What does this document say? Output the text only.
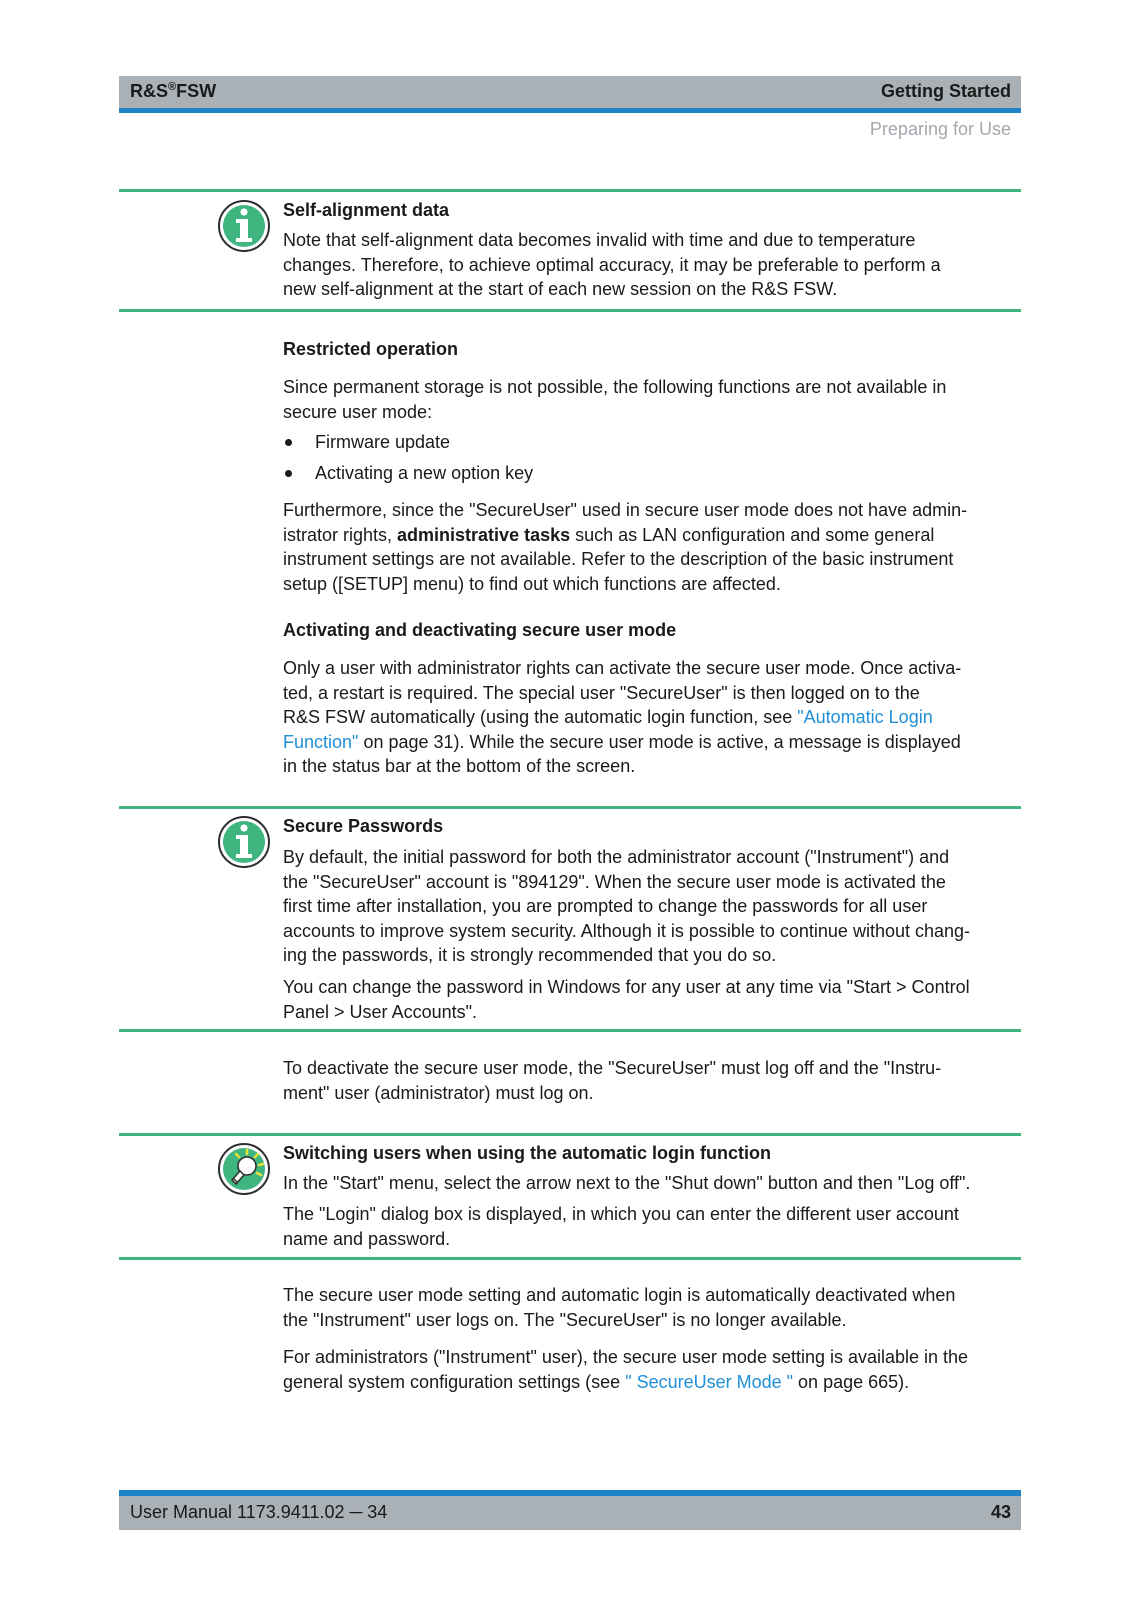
R&S®FSW	Getting Started
Preparing for Use
Self-alignment data
Note that self-alignment data becomes invalid with time and due to temperature
changes. Therefore, to achieve optimal accuracy, it may be preferable to perform a
new self-alignment at the start of each new session on the R&S FSW.
Restricted operation
Since permanent storage is not possible, the following functions are not available in
secure user mode:
Firmware update
Activating a new option key
Furthermore, since the "SecureUser" used in secure user mode does not have admin-
istrator rights, administrative tasks such as LAN configuration and some general
instrument settings are not available. Refer to the description of the basic instrument
setup ([SETUP] menu) to find out which functions are affected.
Activating and deactivating secure user mode
Only a user with administrator rights can activate the secure user mode. Once activa-
ted, a restart is required. The special user "SecureUser" is then logged on to the
R&S FSW automatically (using the automatic login function, see "Automatic Login
Function" on page 31). While the secure user mode is active, a message is displayed
in the status bar at the bottom of the screen.
Secure Passwords
By default, the initial password for both the administrator account ("Instrument") and
the "SecureUser" account is "894129". When the secure user mode is activated the
first time after installation, you are prompted to change the passwords for all user
accounts to improve system security. Although it is possible to continue without chang-
ing the passwords, it is strongly recommended that you do so.
You can change the password in Windows for any user at any time via "Start > Control
Panel > User Accounts".
To deactivate the secure user mode, the "SecureUser" must log off and the "Instru-
ment" user (administrator) must log on.
Switching users when using the automatic login function
In the "Start" menu, select the arrow next to the "Shut down" button and then "Log off".
The "Login" dialog box is displayed, in which you can enter the different user account
name and password.
The secure user mode setting and automatic login is automatically deactivated when
the "Instrument" user logs on. The "SecureUser" is no longer available.
For administrators ("Instrument" user), the secure user mode setting is available in the
general system configuration settings (see " SecureUser Mode " on page 665).
User Manual 1173.9411.02 ─ 34	43
